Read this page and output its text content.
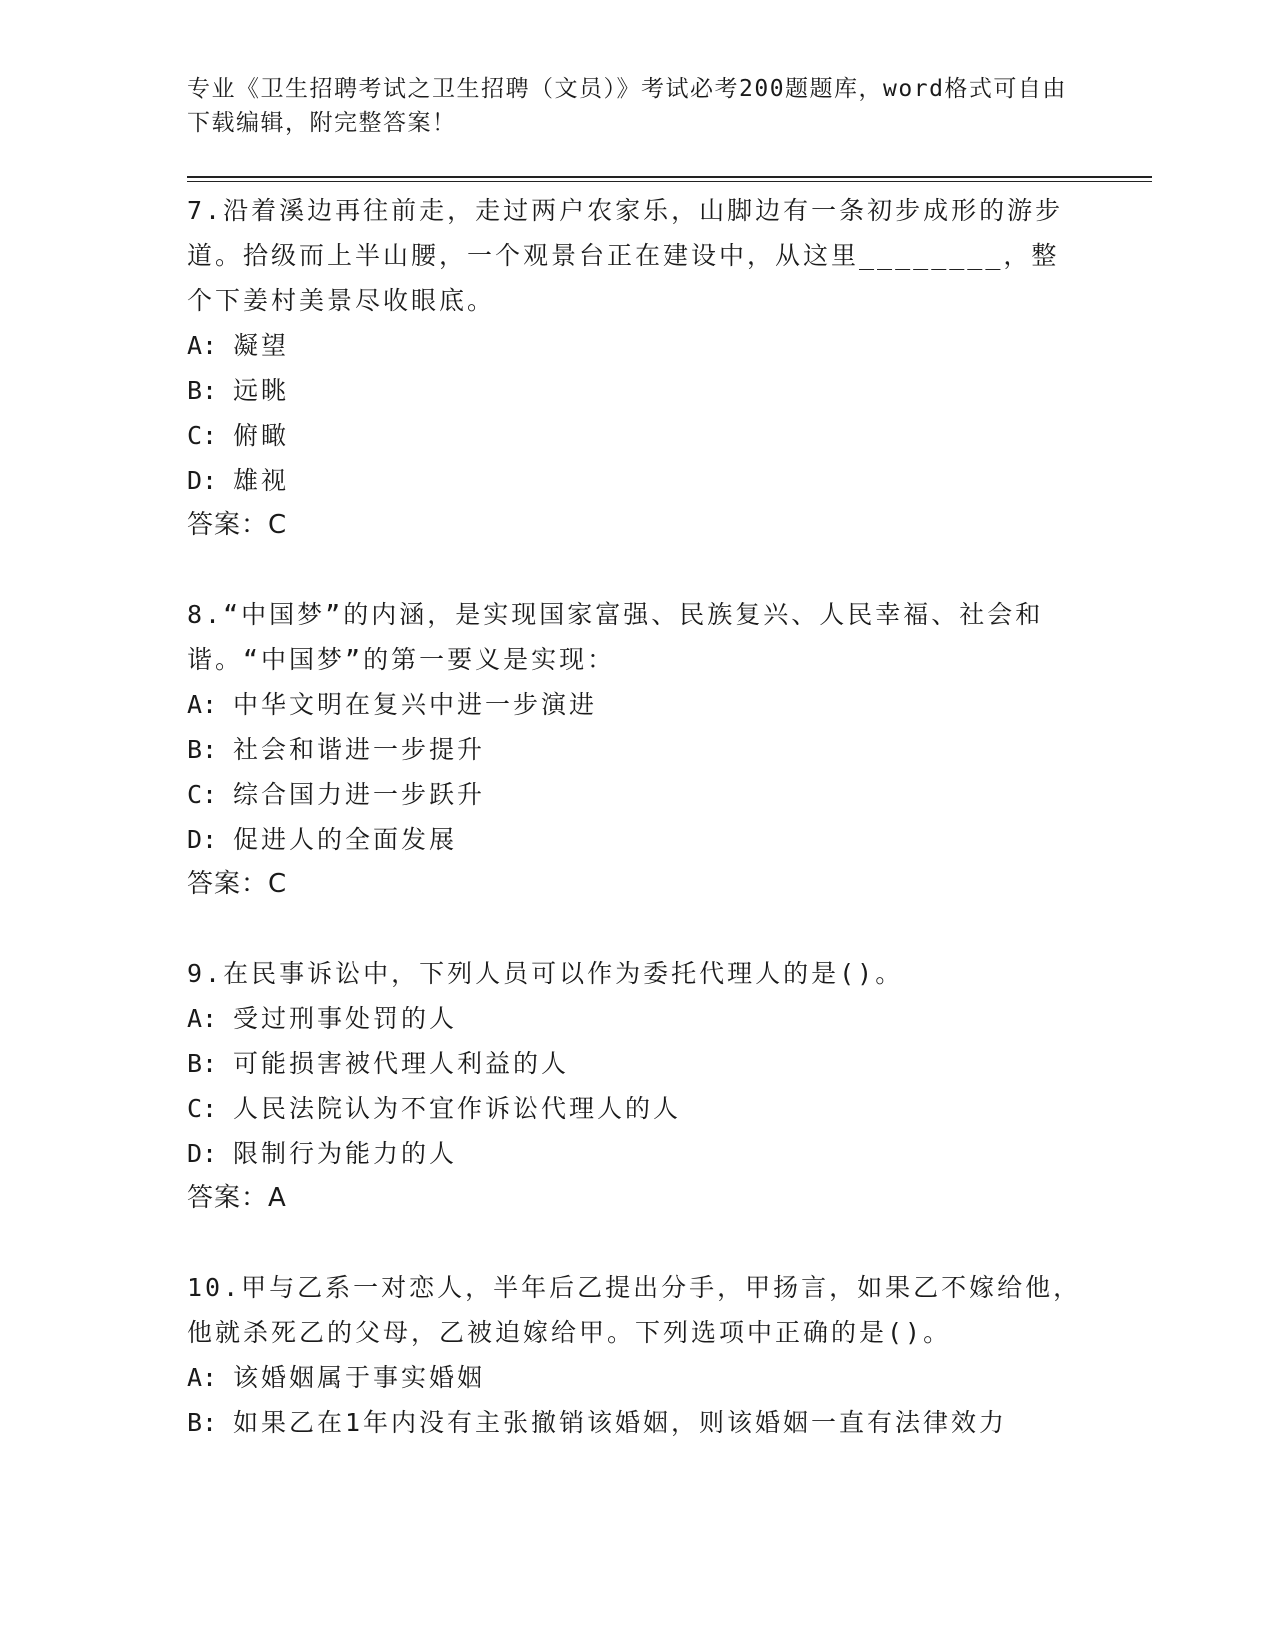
专业《卫生招聘考试之卫生招聘（文员）》考试必考200题题库，word格式可自由下载编辑，附完整答案！

7.沿着溪边再往前走，走过两户农家乐，山脚边有一条初步成形的游步道。拾级而上半山腰，一个观景台正在建设中，从这里________，整个下姜村美景尽收眼底。

A: 凝望

B: 远眺

C: 俯瞰

D: 雄视

答案：C

8.“中国梦”的内涵，是实现国家富强、民族复兴、人民幸福、社会和谐。“中国梦”的第一要义是实现：

A: 中华文明在复兴中进一步演进

B: 社会和谐进一步提升

C: 综合国力进一步跃升

D: 促进人的全面发展

答案：C

9.在民事诉讼中，下列人员可以作为委托代理人的是()。

A: 受过刑事处罚的人

B: 可能损害被代理人利益的人

C: 人民法院认为不宜作诉讼代理人的人

D: 限制行为能力的人

答案：A

10.甲与乙系一对恋人，半年后乙提出分手，甲扬言，如果乙不嫁给他，他就杀死乙的父母，乙被迫嫁给甲。下列选项中正确的是()。

A: 该婚姻属于事实婚姻

B: 如果乙在1年内没有主张撤销该婚姻，则该婚姻一直有法律效力
